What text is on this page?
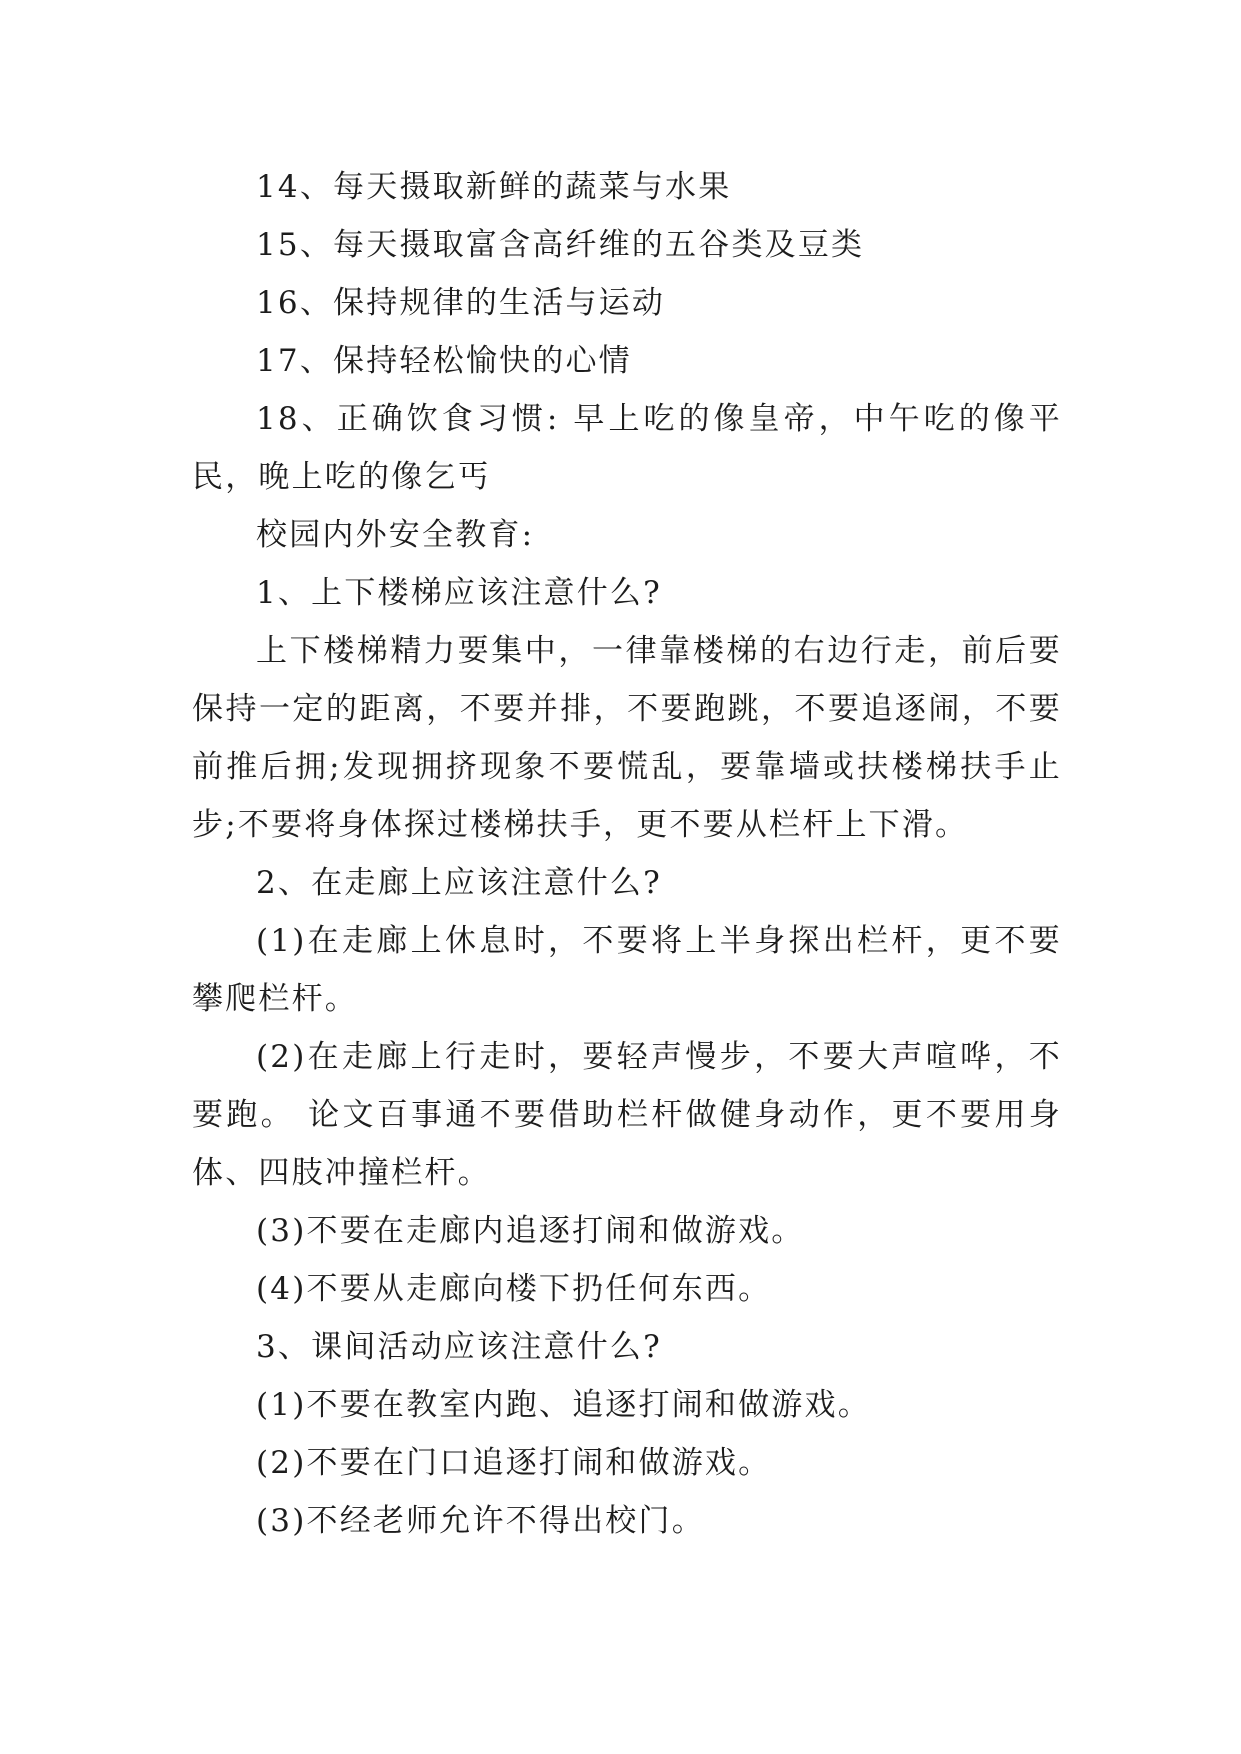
14、每天摄取新鲜的蔬菜与水果

15、每天摄取富含高纤维的五谷类及豆类

16、保持规律的生活与运动

17、保持轻松愉快的心情

18、正确饮食习惯: 早上吃的像皇帝，中午吃的像平民，晚上吃的像乞丐

校园内外安全教育:

1、上下楼梯应该注意什么?

上下楼梯精力要集中，一律靠楼梯的右边行走，前后要保持一定的距离，不要并排，不要跑跳，不要追逐闹，不要前推后拥;发现拥挤现象不要慌乱，要靠墙或扶楼梯扶手止步;不要将身体探过楼梯扶手，更不要从栏杆上下滑。

2、在走廊上应该注意什么?

(1)在走廊上休息时，不要将上半身探出栏杆，更不要攀爬栏杆。

(2)在走廊上行走时，要轻声慢步，不要大声喧哗，不要跑。 论文百事通不要借助栏杆做健身动作，更不要用身体、四肢冲撞栏杆。

(3)不要在走廊内追逐打闹和做游戏。

(4)不要从走廊向楼下扔任何东西。

3、课间活动应该注意什么?

(1)不要在教室内跑、追逐打闹和做游戏。

(2)不要在门口追逐打闹和做游戏。

(3)不经老师允许不得出校门。
